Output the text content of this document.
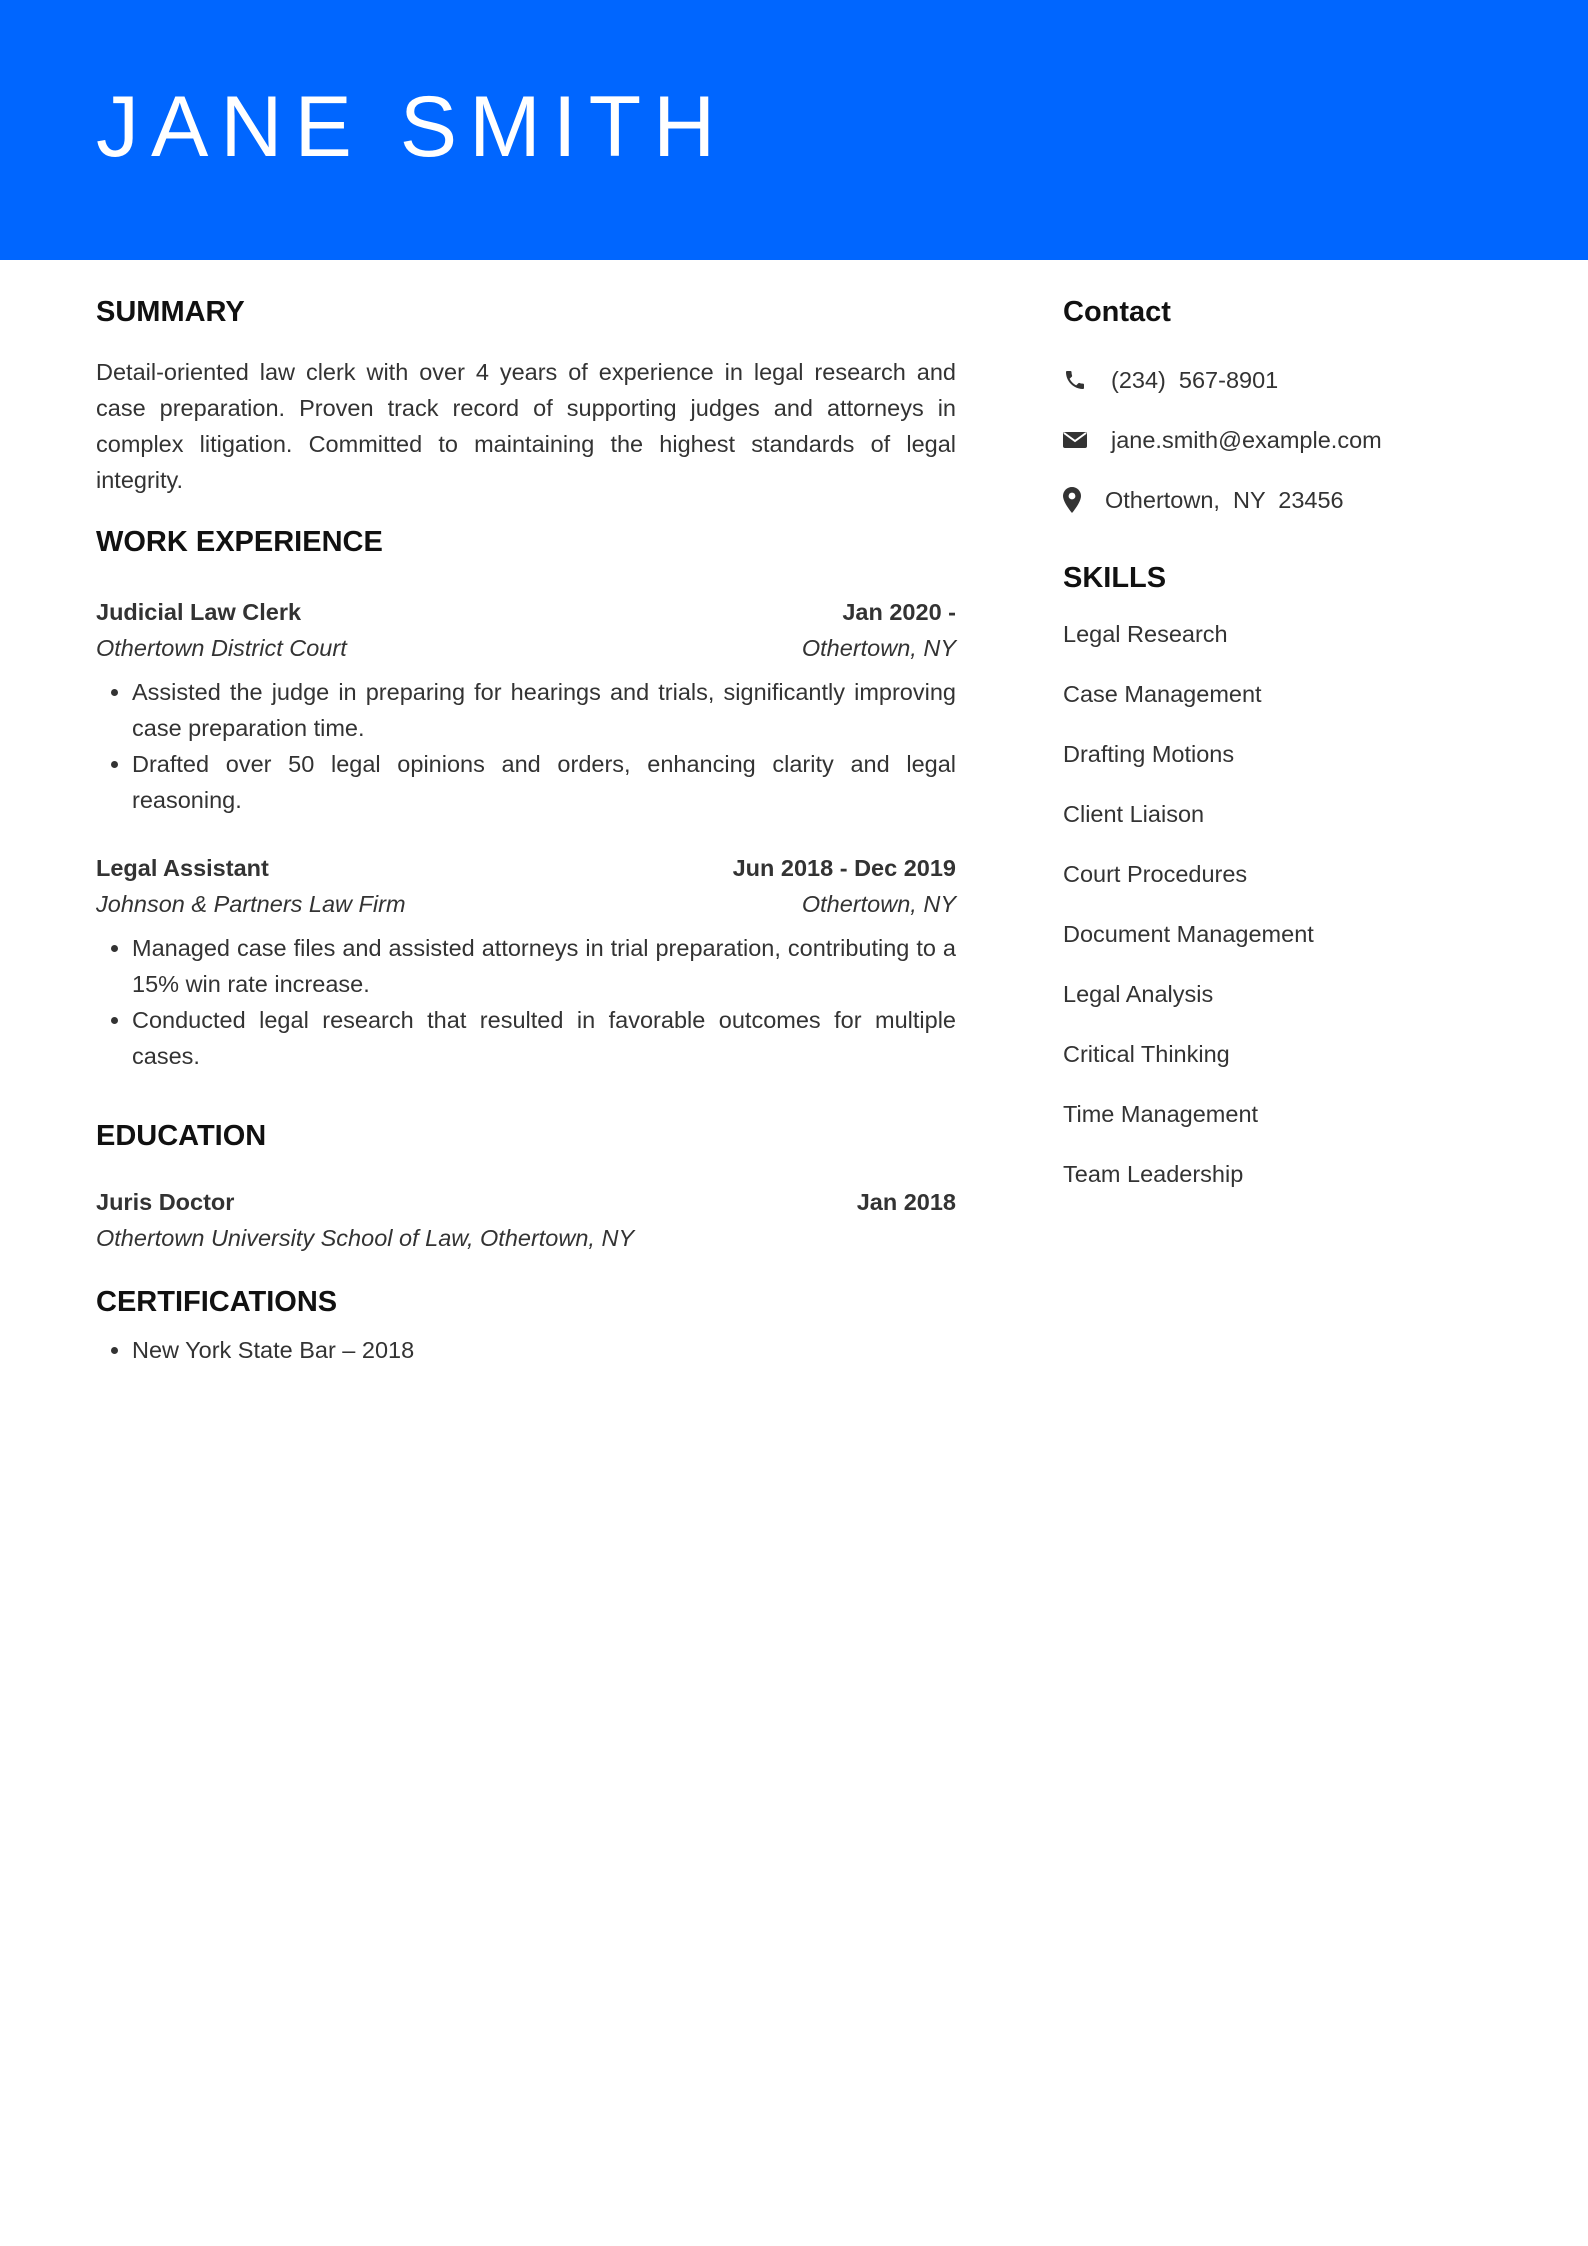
JANE SMITH
SUMMARY

Detail-oriented law clerk with over 4 years of experience in legal research and case preparation. Proven track record of supporting judges and attorneys in complex litigation. Committed to maintaining the highest standards of legal integrity.

WORK EXPERIENCE
Judicial Law Clerk	Jan 2020 -
Othertown District Court	Othertown, NY
• Assisted the judge in preparing for hearings and trials, significantly improving case preparation time.
• Drafted over 50 legal opinions and orders, enhancing clarity and legal reasoning.
Legal Assistant	Jun 2018 - Dec 2019
Johnson & Partners Law Firm	Othertown, NY
• Managed case files and assisted attorneys in trial preparation, contributing to a 15% win rate increase.
• Conducted legal research that resulted in favorable outcomes for multiple cases.
EDUCATION
Juris Doctor	Jan 2018
Othertown University School of Law, Othertown, NY
CERTIFICATIONS
• New York State Bar – 2018
Contact
(234)  567-8901
jane.smith@example.com
Othertown,  NY  23456
SKILLS
Legal Research
Case Management
Drafting Motions
Client Liaison
Court Procedures
Document Management
Legal Analysis
Critical Thinking
Time Management
Team Leadership
